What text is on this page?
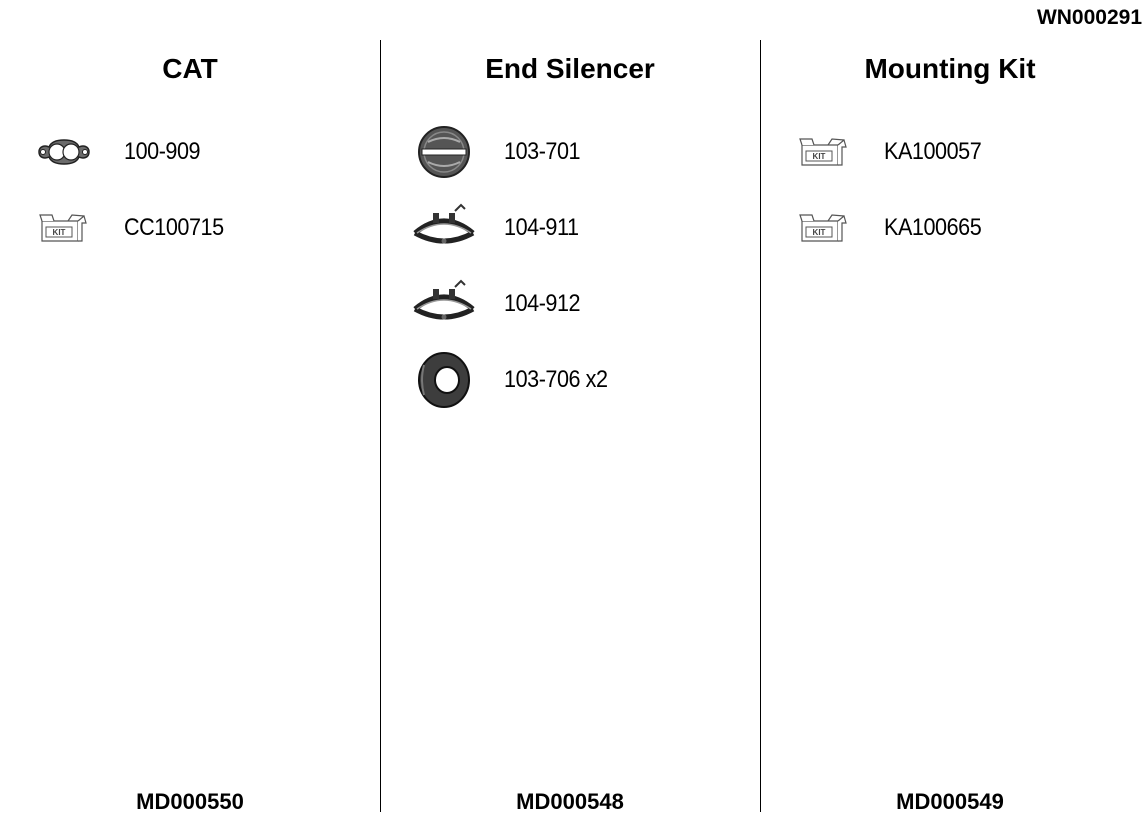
WN000291
CAT
100-909
KIT CC100715
MD000550
End Silencer
103-701
104-911
104-912
103-706 x2
MD000548
Mounting Kit
KIT KA100057
KIT KA100665
MD000549
